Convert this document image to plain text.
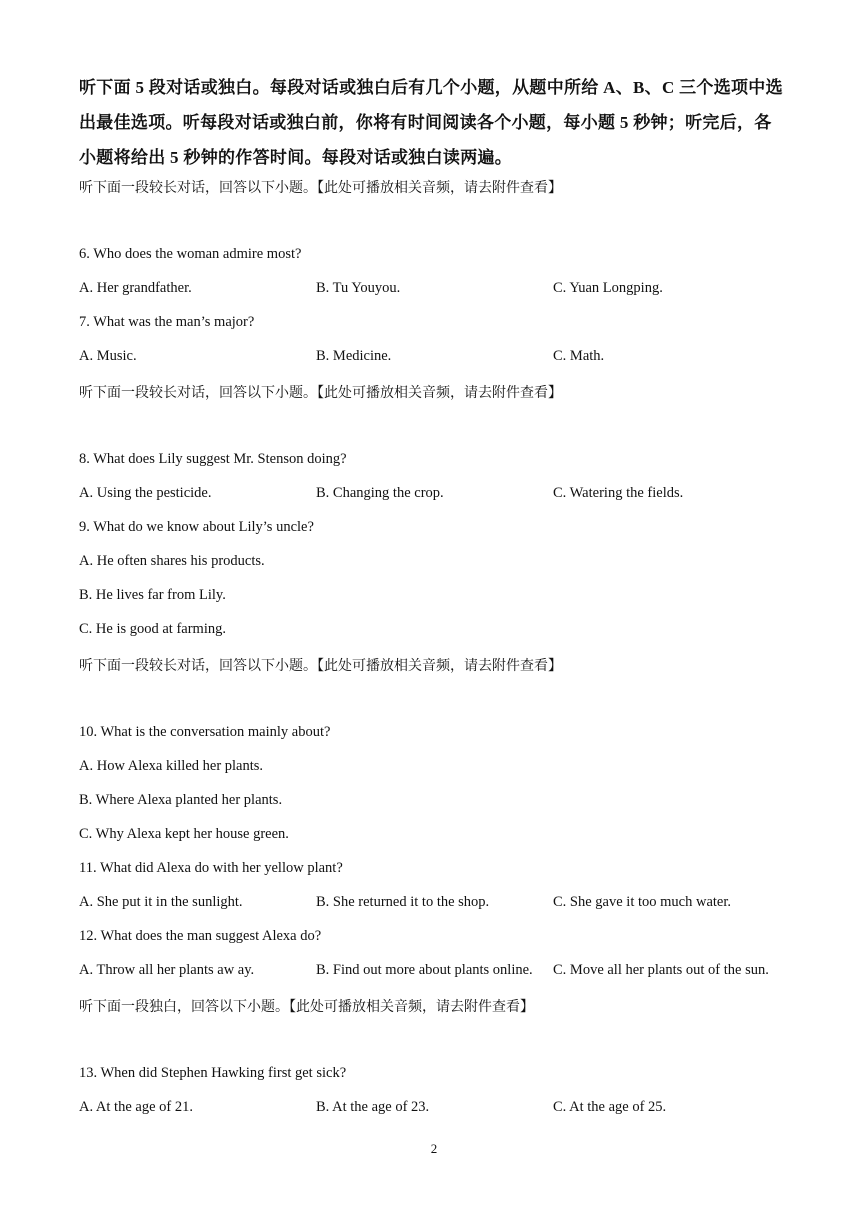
听下面 5 段对话或独白。每段对话或独白后有几个小题，从题中所给 A、B、C 三个选项中选
出最佳选项。听每段对话或独白前，你将有时间阅读各个小题，每小题 5 秒钟；听完后，各
小题将给出 5 秒钟的作答时间。每段对话或独白读两遍。
听下面一段较长对话，回答以下小题。【此处可播放相关音频，请去附件查看】
6. Who does the woman admire most?
A. Her grandfather.	B. Tu Youyou.	C. Yuan Longping.
7. What was the man’s major?
A. Music.	B. Medicine.	C. Math.
听下面一段较长对话，回答以下小题。【此处可播放相关音频，请去附件查看】
8. What does Lily suggest Mr. Stenson doing?
A. Using the pesticide.	B. Changing the crop.	C. Watering the fields.
9. What do we know about Lily’s uncle?
A. He often shares his products.
B. He lives far from Lily.
C. He is good at farming.
听下面一段较长对话，回答以下小题。【此处可播放相关音频，请去附件查看】
10. What is the conversation mainly about?
A. How Alexa killed her plants.
B. Where Alexa planted her plants.
C. Why Alexa kept her house green.
11. What did Alexa do with her yellow plant?
A. She put it in the sunlight.	B. She returned it to the shop.	C. She gave it too much water.
12. What does the man suggest Alexa do?
A. Throw all her plants aw ay.	B. Find out more about plants online. C. Move all her plants out of the sun.
听下面一段独白，回答以下小题。【此处可播放相关音频，请去附件查看】
13. When did Stephen Hawking first get sick?
A. At the age of 21.	B. At the age of 23.	C. At the age of 25.
2
